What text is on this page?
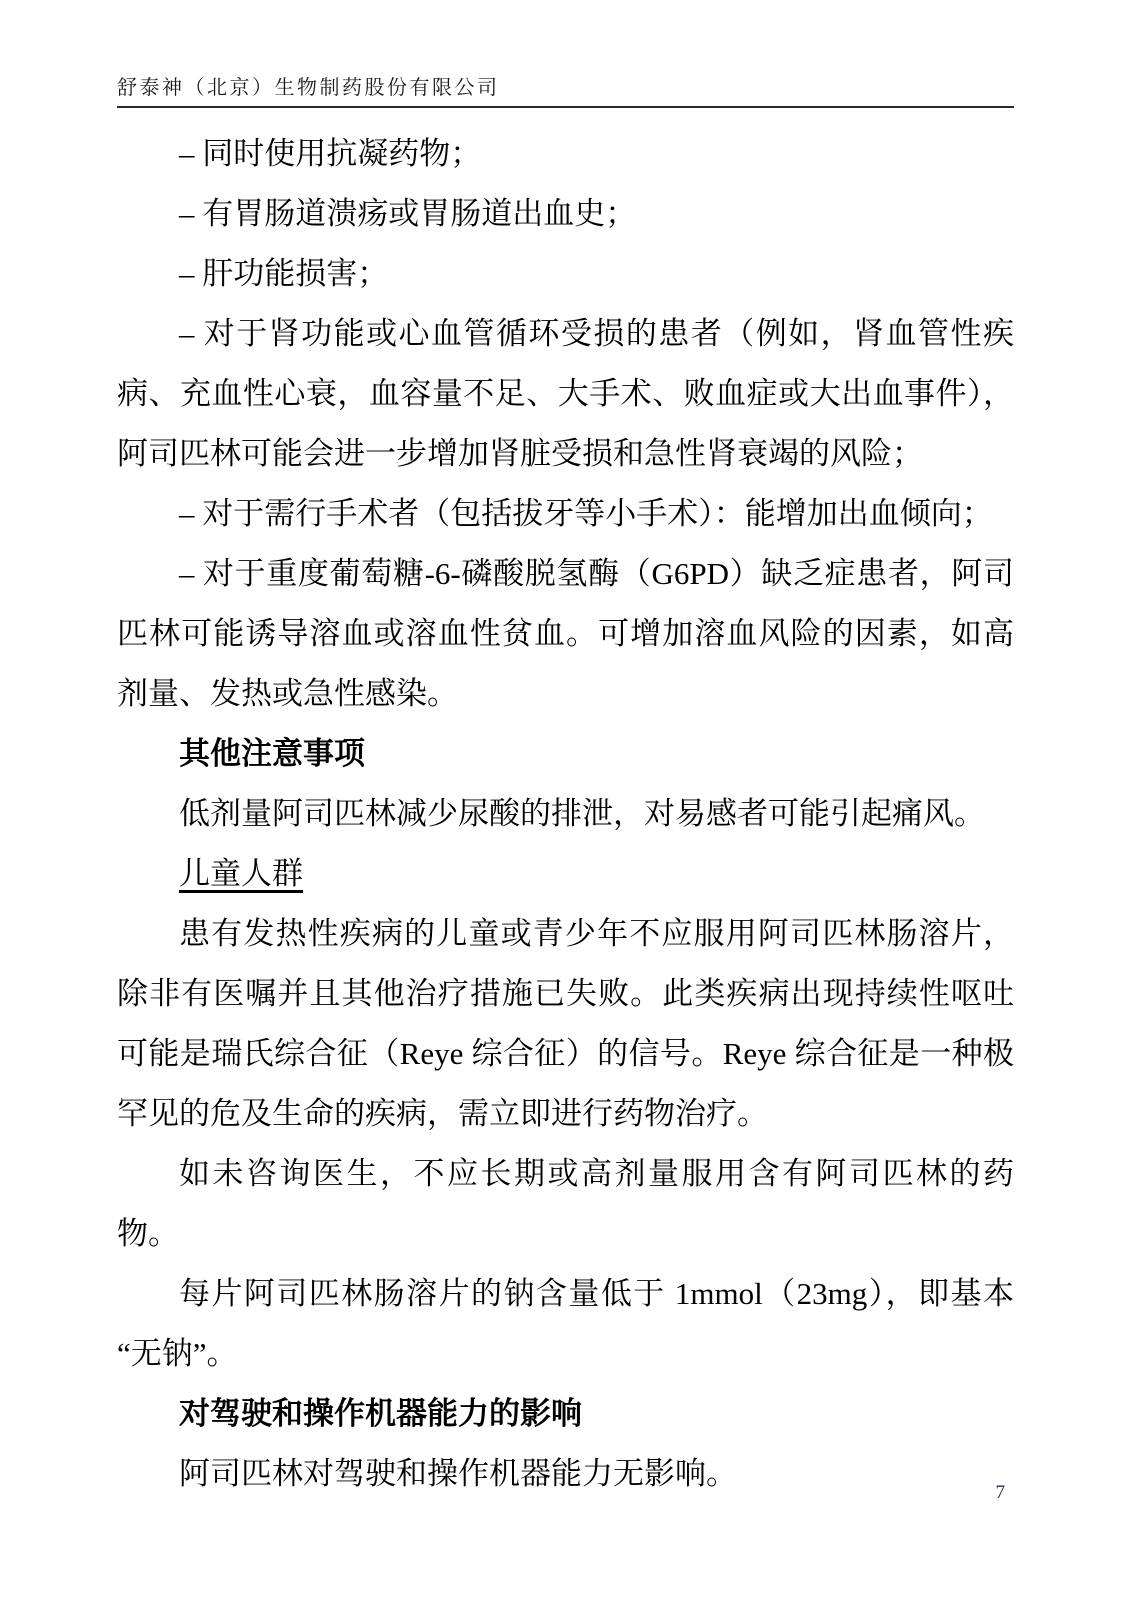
舒泰神（北京）生物制药股份有限公司

– 同时使用抗凝药物；

– 有胃肠道溃疡或胃肠道出血史；

– 肝功能损害；

– 对于肾功能或心血管循环受损的患者（例如，肾血管性疾病、充血性心衰，血容量不足、大手术、败血症或大出血事件），阿司匹林可能会进一步增加肾脏受损和急性肾衰竭的风险；

– 对于需行手术者（包括拔牙等小手术）：能增加出血倾向；

– 对于重度葡萄糖-6-磷酸脱氢酶（G6PD）缺乏症患者，阿司匹林可能诱导溶血或溶血性贫血。可增加溶血风险的因素，如高剂量、发热或急性感染。

其他注意事项

低剂量阿司匹林减少尿酸的排泄，对易感者可能引起痛风。

儿童人群

患有发热性疾病的儿童或青少年不应服用阿司匹林肠溶片，除非有医嘱并且其他治疗措施已失败。此类疾病出现持续性呕吐可能是瑞氏综合征（Reye 综合征）的信号。Reye 综合征是一种极罕见的危及生命的疾病，需立即进行药物治疗。

如未咨询医生，不应长期或高剂量服用含有阿司匹林的药物。

每片阿司匹林肠溶片的钠含量低于 1mmol（23mg），即基本“无钠”。

对驾驶和操作机器能力的影响

阿司匹林对驾驶和操作机器能力无影响。

7
